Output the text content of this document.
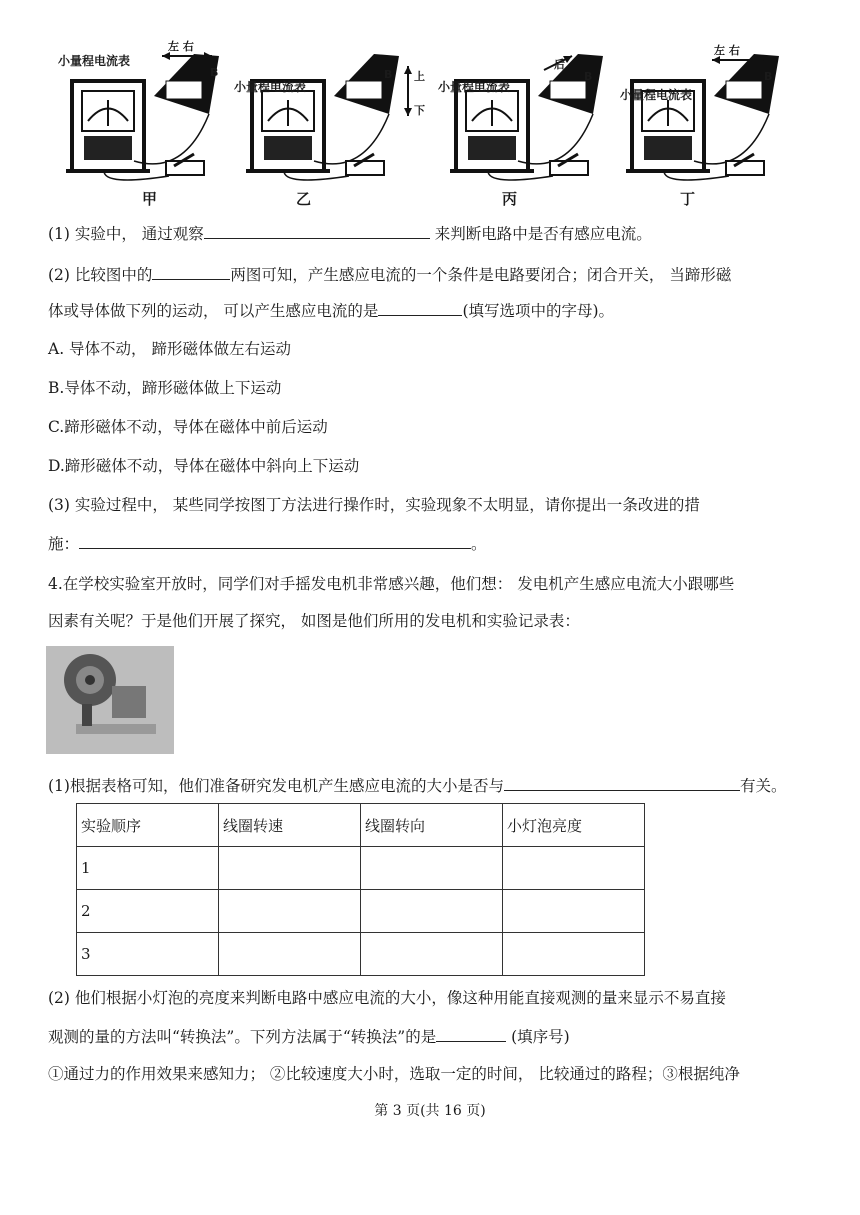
小量程电流表
小量程电流表	小量程电流表
小量程电流表
B	B	B	B
左 右
上
下
后
左 右
甲	乙	丙	丁
(1) 实验中， 通过观察	来判断电路中是否有感应电流。
(2) 比较图中的	两图可知，产生感应电流的一个条件是电路要闭合；闭合开关， 当蹄形磁
体或导体做下列的运动， 可以产生感应电流的是	(填写选项中的字母)。
A. 导体不动， 蹄形磁体做左右运动
B.导体不动，蹄形磁体做上下运动
C.蹄形磁体不动，导体在磁体中前后运动
D.蹄形磁体不动，导体在磁体中斜向上下运动
(3) 实验过程中， 某些同学按图丁方法进行操作时，实验现象不太明显，请你提出一条改进的措
施：	。
4.在学校实验室开放时，同学们对手摇发电机非常感兴趣，他们想： 发电机产生感应电流大小跟哪些
因素有关呢？于是他们开展了探究， 如图是他们所用的发电机和实验记录表：
(1)根据表格可知，他们准备研究发电机产生感应电流的大小是否与	有关。
实验顺序	线圈转速	线圈转向	小灯泡亮度
1			
2			
3			
(2) 他们根据小灯泡的亮度来判断电路中感应电流的大小，像这种用能直接观测的量来显示不易直接
观测的量的方法叫“转换法”。下列方法属于“转换法”的是	(填序号)
①通过力的作用效果来感知力； ②比较速度大小时，选取一定的时间， 比较通过的路程；③根据纯净
第 3 页(共 16 页)
